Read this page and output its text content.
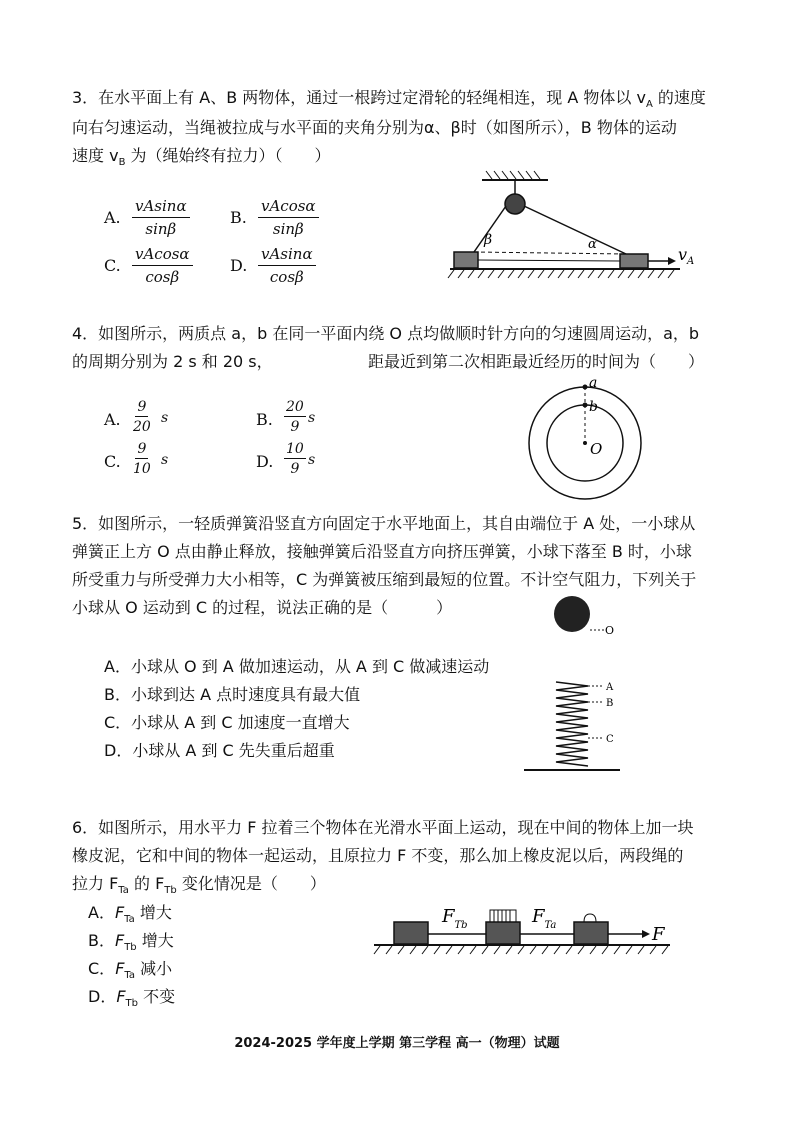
3．在水平面上有 A、B 两物体，通过一根跨过定滑轮的轻绳相连，现 A 物体以 $v_A$ 的速度
向右匀速运动，当绳被拉成与水平面的夹角分别为α、β时（如图所示），B 物体的运动
速度 $v_B$ 为（绳始终有拉力）（　　）
A. $\frac{vAsin\alpha}{\sin\beta}$	B. $\frac{vAcos\alpha}{\sin\beta}$
C. $\frac{vAcos\alpha}{\cos\beta} D$. $\frac{vAsin\alpha}{\cos\beta}$
β	α
$v_A$
4．如图所示，两质点 a，b 在同一平面内绕 O 点均做顺时针方向的匀速圆周运动，a，b
的周期分别为 2 s 和 20 s，	距最近到第二次相距最近经历的时间为（　　）
A. $\frac{9}{20}$ s	B. $\frac{20}{9}$ s
C. $\frac{9}{10}$ s	D. $\frac{10}{9}$ s
a
b
O
5．如图所示，一轻质弹簧沿竖直方向固定于水平地面上，其自由端位于 A 处，一小球从
弹簧正上方 O 点由静止释放，接触弹簧后沿竖直方向挤压弹簧，小球下落至 B 时，小球
所受重力与所受弹力大小相等，C 为弹簧被压缩到最短的位置。不计空气阻力，下列关于
小球从 O 运动到 C 的过程，说法正确的是（　　　）
A．小球从 O 到 A 做加速运动，从 A 到 C 做减速运动
B．小球到达 A 点时速度具有最大值
C．小球从 A 到 C 加速度一直增大
D．小球从 A 到 C 先失重后超重
O
A
B
C
6．如图所示，用水平力 F 拉着三个物体在光滑水平面上运动，现在中间的物体上加一块
橡皮泥，它和中间的物体一起运动，且原拉力 F 不变，那么加上橡皮泥以后，两段绳的
拉力 $F_{Ta}$ 的 $F_{Tb}$ 变化情况是（　　）
A．$F_{Ta}$ 增大
B．$F_{Tb}$ 增大
C．$F_{Ta}$ 减小
D．$F_{Tb}$ 不变
$F_{Tb}$	$F_{Ta}$	F
2024-2025 学年度上学期 第三学程 高一（物理）试题
